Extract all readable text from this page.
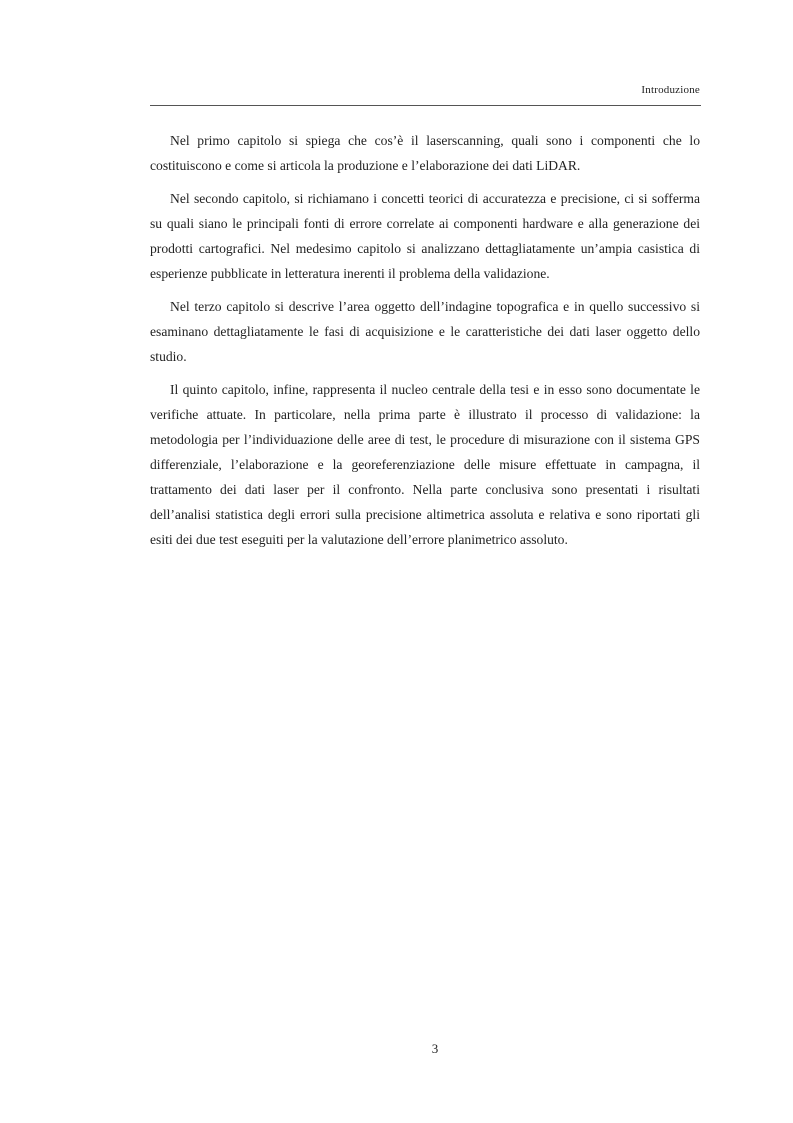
Introduzione

Nel primo capitolo si spiega che cos’è il laserscanning, quali sono i componenti che lo costituiscono e come si articola la produzione e l’elaborazione dei dati LiDAR.

Nel secondo capitolo, si richiamano i concetti teorici di accuratezza e precisione, ci si sofferma su quali siano le principali fonti di errore correlate ai componenti hardware e alla generazione dei prodotti cartografici. Nel medesimo capitolo si analizzano dettagliatamente un’ampia casistica di esperienze pubblicate in letteratura inerenti il problema della validazione.

Nel terzo capitolo si descrive l’area oggetto dell’indagine topografica e in quello successivo si esaminano dettagliatamente le fasi di acquisizione e le caratteristiche dei dati laser oggetto dello studio.

Il quinto capitolo, infine, rappresenta il nucleo centrale della tesi e in esso sono documentate le verifiche attuate. In particolare, nella prima parte è illustrato il processo di validazione: la metodologia per l’individuazione delle aree di test, le procedure di misurazione con il sistema GPS differenziale, l’elaborazione e la georeferenziazione delle misure effettuate in campagna, il trattamento dei dati laser per il confronto. Nella parte conclusiva sono presentati i risultati dell’analisi statistica degli errori sulla precisione altimetrica assoluta e relativa e sono riportati gli esiti dei due test eseguiti per la valutazione dell’errore planimetrico assoluto.

3
